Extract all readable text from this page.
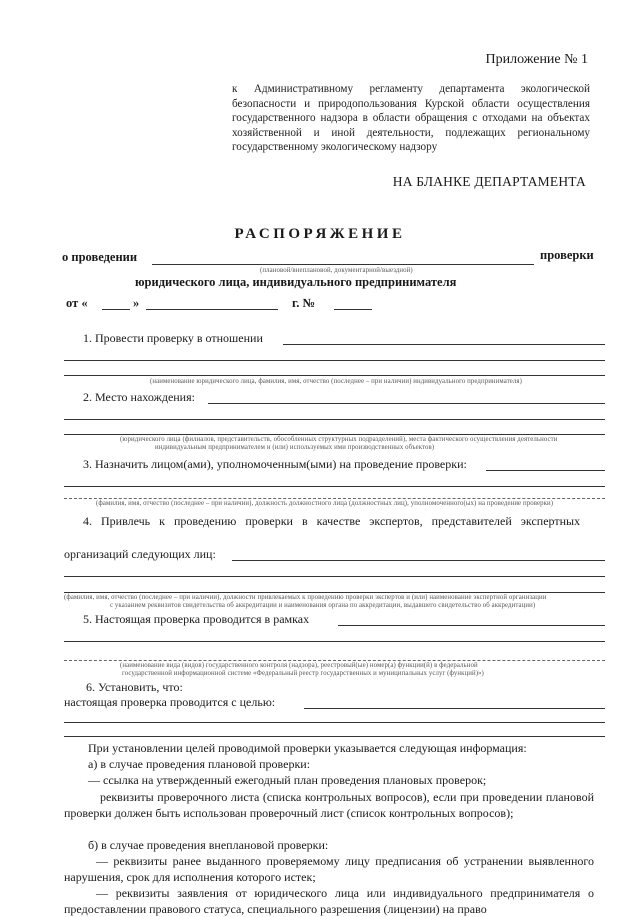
Приложение № 1
к Административному регламенту департамента экологической безопасности и природопользования Курской области осуществления государственного надзора в области обращения с отходами на объектах хозяйственной и иной деятельности, подлежащих региональному государственному экологическому надзору
НА БЛАНКЕ ДЕПАРТАМЕНТА
РАСПОРЯЖЕНИЕ
о проведении
(плановой/внеплановой, документарной/выездной)
проверки
юридического лица, индивидуального предпринимателя
от «	»	г. №
1. Провести проверку в отношении
(наименование юридического лица, фамилия, имя, отчество (последнее – при наличии) индивидуального предпринимателя)
2. Место нахождения:
(юридического лица (филиалов, представительств, обособленных структурных подразделений), места фактического осуществления деятельности
индивидуальным предпринимателем и (или) используемых ими производственных объектов)
3. Назначить лицом(ами), уполномоченным(ыми) на проведение проверки:
(фамилия, имя, отчество (последнее – при наличии), должность должностного лица (должностных лиц), уполномоченного(ых) на проведение проверки)
4. Привлечь к проведению проверки в качестве экспертов, представителей экспертных
организаций следующих лиц:
(фамилия, имя, отчество (последнее – при наличии), должности привлекаемых к проведению проверки экспертов и (или) наименование экспертной организации
с указанием реквизитов свидетельства об аккредитации и наименования органа по аккредитации, выдавшего свидетельство об аккредитации)
5. Настоящая проверка проводится в рамках
(наименование вида (видов) государственного контроля (надзора), реестровый(ые) номер(а) функции(й) в федеральной
государственной информационной системе «Федеральный реестр государственных и муниципальных услуг (функций)»)
6. Установить, что:
настоящая проверка проводится с целью:
При установлении целей проводимой проверки указывается следующая информация:
а) в случае проведения плановой проверки:
— ссылка на утвержденный ежегодный план проведения плановых проверок;
реквизиты проверочного листа (списка контрольных вопросов), если при проведении плановой проверки должен быть использован проверочный лист (список контрольных вопросов);
б) в случае проведения внеплановой проверки:
— реквизиты ранее выданного проверяемому лицу предписания об устранении выявленного нарушения, срок для исполнения которого истек;
— реквизиты заявления от юридического лица или индивидуального предпринимателя о предоставлении правового статуса, специального разрешения (лицензии) на право
